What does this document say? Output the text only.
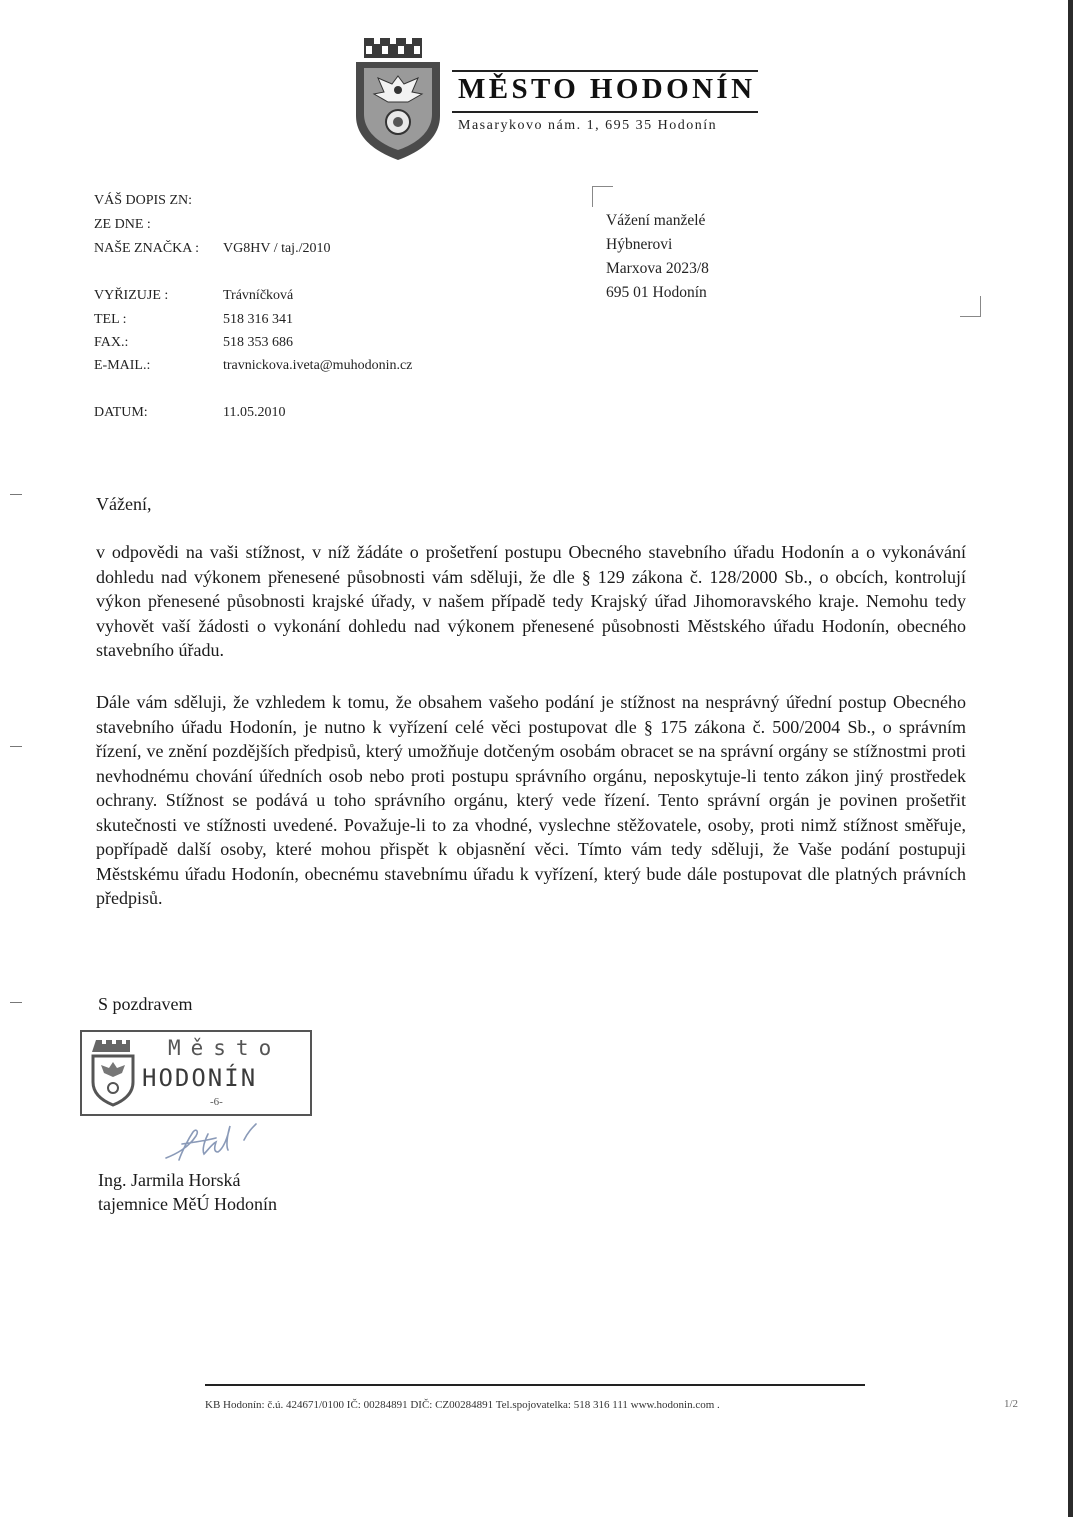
MĚSTO HODONÍN
Masarykovo nám. 1, 695 35 Hodonín
VÁŠ DOPIS ZN:
ZE DNE :
NAŠE ZNAČKA : VG8HV / taj./2010
VYŘIZUJE :	Trávníčková
TEL :	518 316 341
FAX.:	518 353 686
E-MAIL.:	travnickova.iveta@muhodonin.cz
DATUM:	11.05.2010
Vážení manželé
Hýbnerovi
Marxova 2023/8
695 01 Hodonín
Vážení,
v odpovědi na vaši stížnost, v níž žádáte o prošetření postupu Obecného stavebního úřadu Hodonín a o vykonávání dohledu nad výkonem přenesené působnosti vám sděluji, že dle § 129 zákona č. 128/2000 Sb., o obcích, kontrolují výkon přenesené působnosti krajské úřady, v našem případě tedy Krajský úřad Jihomoravského kraje. Nemohu tedy vyhovět vaší žádosti o vykonání dohledu nad výkonem přenesené působnosti Městského úřadu Hodonín, obecného stavebního úřadu.
Dále vám sděluji, že vzhledem k tomu, že obsahem vašeho podání je stížnost na nesprávný úřední postup Obecného stavebního úřadu Hodonín, je nutno k vyřízení celé věci postupovat dle § 175 zákona č. 500/2004 Sb., o správním řízení, ve znění pozdějších předpisů, který umožňuje dotčeným osobám obracet se na správní orgány se stížnostmi proti nevhodnému chování úředních osob nebo proti postupu správního orgánu, neposkytuje-li tento zákon jiný prostředek ochrany. Stížnost se podává u toho správního orgánu, který vede řízení. Tento správní orgán je povinen prošetřit skutečnosti ve stížnosti uvedené. Považuje-li to za vhodné, vyslechne stěžovatele, osoby, proti nimž stížnost směřuje, popřípadě další osoby, které mohou přispět k objasnění věci. Tímto vám tedy sděluji, že Vaše podání postupuji Městskému úřadu Hodonín, obecnému stavebnímu úřadu k vyřízení, který bude dále postupovat dle platných právních předpisů.
S pozdravem
Město
HODONÍN
-6-
Ing. Jarmila Horská
tajemnice MěÚ Hodonín
KB Hodonín: č.ú. 424671/0100 IČ: 00284891 DIČ: CZ00284891 Tel.spojovatelka: 518 316 111 www.hodonin.com .	1/2
